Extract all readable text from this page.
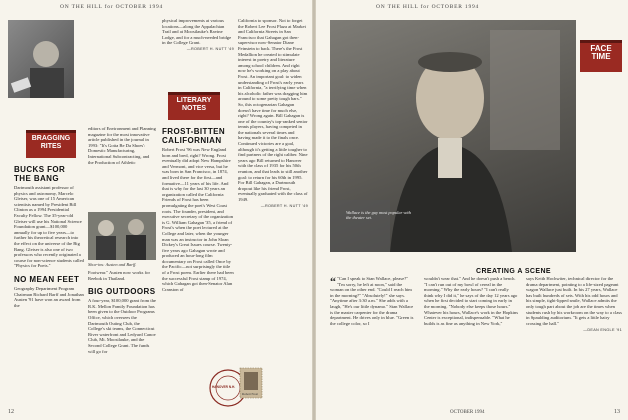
ON THE HILL for OCTOBER 1994
BRAGGING
RITES
BUCKS FOR THE BANG

Dartmouth assistant professor of physics and astronomy, Marcelo Gleiser, was one of 15 American scientists named by President Bill Clinton as a 1994 Presidential Faculty Fellow. The 35-year-old Gleiser will use his National Science Foundation grant—$100,000 annually for up to five years—to further his theoretical research into the effect on the universe of the Big Bang. Gleiser is also one of two professors who recently originated a course for non-science students called "Physics for Poets."

NO MEAN FEET

Geography Department Program Chairman Richard Barff and Jonathan Austen '91 have won an award from the

editors of Environment and Planning magazine for the most innovative article published in the journal in 1993: "It's Gotta Be Da Shoes': Domestic Manufacturing, International Subcontracting, and the Production of Athletic

Shoe-ins: Austen and Barff.

Footwear." Austen now works for Reebok in Thailand.

BIG OUTDOORS

A four-year, $100,000 grant from the R.K. Mellon Family Foundation has been given to the Outdoor Programs Office, which oversees the Dartmouth Outing Club, the College's ski teams, the Connecticut River waterfront and Ledyard Canoe Club, Mt. Moosilauke, and the Second College Grant. The funds will go for

physical improvements at various locations—along the Appalachian Trail and at Moosilauke's Ravine Lodge, and for a much-needed bridge in the College Grant.

—ROBERT H. NUTT '49
LITERARY
NOTES
FROST-BITTEN CALIFORNIAN

Robert Frost '96 was New England born and bred, right? Wrong. Frost eventually did adopt New Hampshire and Vermont, and vice versa, but he was born in San Francisco, in 1874, and lived there for the first—and formative—11 years of his life. And that is why for the last 30 years an organization called the California Friends of Frost has been promulgating the poet's West Coast roots. The founder, president, and executive secretary of the organization is G. William Gahagan '35, a friend of Frost's when the poet lectured at the College and later, when the younger man was an instructor in John Sloan Dickey's Great Issues course. Twenty-five years ago Gahagan wrote and produced an hour-long film documentary on Frost called Once by the Pacific—not surprisingly the title of a Frost poem. Earlier there had been the successful Frost stamp of 1974, which Gahagan got then-Senator Alan Cranston of

California to sponsor. Not to forget the Robert Lee Frost Plaza at Market and California Streets in San Francisco that Gahagan got then-supervisor now-Senator Diane Feinstein to back. There's the Frost Medallion he created to stimulate interest in poetry and literature among school children. And right now he's working on a play about Frost. An important goal: to widen understanding of Frost's early years in California, "a terrifying time when his alcoholic father was dragging him around to some pretty tough bars." So, this octogenarian Gahagan doesn't have time for much else, right? Wrong again. Bill Gahagan is one of the country's top-ranked senior tennis players, having competed in the nationals several times and having made it to the finals once. Continued victories are a goal, although it's getting a little tougher to find partners of the right caliber. Nine years ago Bill returned to Hanover with the class of 1935 for his 50th reunion, and that leads to still another goal: to return for his 60th in 1995. For Bill Gahagan, a Dartmouth dropout like his friend Frost, eventually graduated with the class of 1949.

—ROBERT H. NUTT '49
HANOVER N.H.
Robert Frost
12
ON THE HILL for OCTOBER 1994
Wallace is the guy most popular with the theater set.
FACE
TIME
CREATING A SCENE

“ "Can I speak to Stan Wallace, please?" "I'm sorry, he left at noon," said the woman on the other end. "Could I reach him in the morning?" "Absolutely!" she says. "Anytime after 3:30 a.m." She adds with a laugh, "He's our little dynamo." Stan Wallace is the master carpenter for the drama department. He drives only in blue. "Green is the college color, so I

wouldn't wear that." And he doesn't push a bench. "I can't run out of my bowl of cereal in the morning." Why the early hours? "I can't really think why I did it," he says of the day 12 years ago when he first decided to start coming in early in the morning. "Nobody else keeps those hours." Whatever his hours, Wallace's work in the Hopkins Center is exceptional, indispensable. "What he builds is as fine as anything in New York,"

says Keith Hochwiter, technical director for the drama department, pointing to a life-sized pageant wagon Wallace just built. In his 27 years, Wallace has built hundreds of sets. With his odd hours and his simple, tight-lipped smile, Wallace admits the only tough part about the job are the times when students rush by his workroom on the way to a class in Spaulding auditorium. "It gets a little hairy crossing the hall."

—DEAN ENGLE '91
OCTOBER 1994	13
